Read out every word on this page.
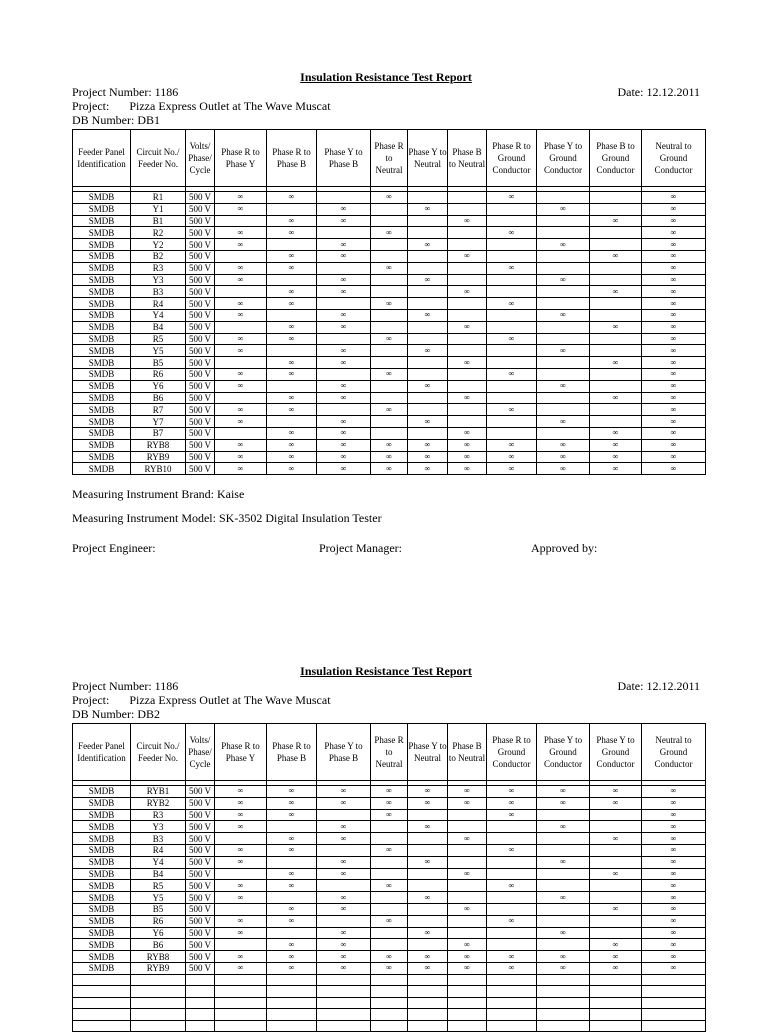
Insulation Resistance Test Report
Project Number: 1186	Date: 12.12.2011
Project: Pizza Express Outlet at The Wave Muscat
DB Number: DB1
Feeder Panel Identification	Circuit No./ Feeder No.	Volts/ Phase/ Cycle	Phase R to Phase Y	Phase R to Phase B	Phase Y to Phase B	Phase R to Neutral	Phase Y to Neutral	Phase B to Neutral	Phase R to Ground Conductor	Phase Y to Ground Conductor	Phase B to Ground Conductor	Neutral to Ground Conductor

SMDB	R1	500 V	∞	∞		∞			∞			∞
SMDB	Y1	500 V	∞		∞		∞			∞		∞
SMDB	B1	500 V		∞	∞			∞			∞	∞
SMDB	R2	500 V	∞	∞		∞			∞			∞
SMDB	Y2	500 V	∞		∞		∞			∞		∞
SMDB	B2	500 V		∞	∞			∞			∞	∞
SMDB	R3	500 V	∞	∞		∞			∞			∞
SMDB	Y3	500 V	∞		∞		∞			∞		∞
SMDB	B3	500 V		∞	∞			∞			∞	∞
SMDB	R4	500 V	∞	∞		∞			∞			∞
SMDB	Y4	500 V	∞		∞		∞			∞		∞
SMDB	B4	500 V		∞	∞			∞			∞	∞
SMDB	R5	500 V	∞	∞		∞			∞			∞
SMDB	Y5	500 V	∞		∞		∞			∞		∞
SMDB	B5	500 V		∞	∞			∞			∞	∞
SMDB	R6	500 V	∞	∞		∞			∞			∞
SMDB	Y6	500 V	∞		∞		∞			∞		∞
SMDB	B6	500 V		∞	∞			∞			∞	∞
SMDB	R7	500 V	∞	∞		∞			∞			∞
SMDB	Y7	500 V	∞		∞		∞			∞		∞
SMDB	B7	500 V		∞	∞			∞			∞	∞
SMDB	RYB8	500 V	∞	∞	∞	∞	∞	∞	∞	∞	∞	∞
SMDB	RYB9	500 V	∞	∞	∞	∞	∞	∞	∞	∞	∞	∞
SMDB	RYB10	500 V	∞	∞	∞	∞	∞	∞	∞	∞	∞	∞
Measuring Instrument Brand: Kaise
Measuring Instrument Model: SK-3502 Digital Insulation Tester
Project Engineer:	Project Manager:	Approved by:
Insulation Resistance Test Report
Project Number: 1186	Date: 12.12.2011
Project: Pizza Express Outlet at The Wave Muscat
DB Number: DB2
Feeder Panel Identification	Circuit No./ Feeder No.	Volts/ Phase/ Cycle	Phase R to Phase Y	Phase R to Phase B	Phase Y to Phase B	Phase R to Neutral	Phase Y to Neutral	Phase B to Neutral	Phase R to Ground Conductor	Phase Y to Ground Conductor	Phase Y to Ground Conductor	Neutral to Ground Conductor

SMDB	RYB1	500 V	∞	∞	∞	∞	∞	∞	∞	∞	∞	∞
SMDB	RYB2	500 V	∞	∞	∞	∞	∞	∞	∞	∞	∞	∞
SMDB	R3	500 V	∞	∞		∞			∞			∞
SMDB	Y3	500 V	∞		∞		∞			∞		∞
SMDB	B3	500 V		∞	∞			∞			∞	∞
SMDB	R4	500 V	∞	∞		∞			∞			∞
SMDB	Y4	500 V	∞		∞		∞			∞		∞
SMDB	B4	500 V		∞	∞			∞			∞	∞
SMDB	R5	500 V	∞	∞		∞			∞			∞
SMDB	Y5	500 V	∞		∞		∞			∞		∞
SMDB	B5	500 V		∞	∞			∞			∞	∞
SMDB	R6	500 V	∞	∞		∞			∞			∞
SMDB	Y6	500 V	∞		∞		∞			∞		∞
SMDB	B6	500 V		∞	∞			∞			∞	∞
SMDB	RYB8	500 V	∞	∞	∞	∞	∞	∞	∞	∞	∞	∞
SMDB	RYB9	500 V	∞	∞	∞	∞	∞	∞	∞	∞	∞	∞
